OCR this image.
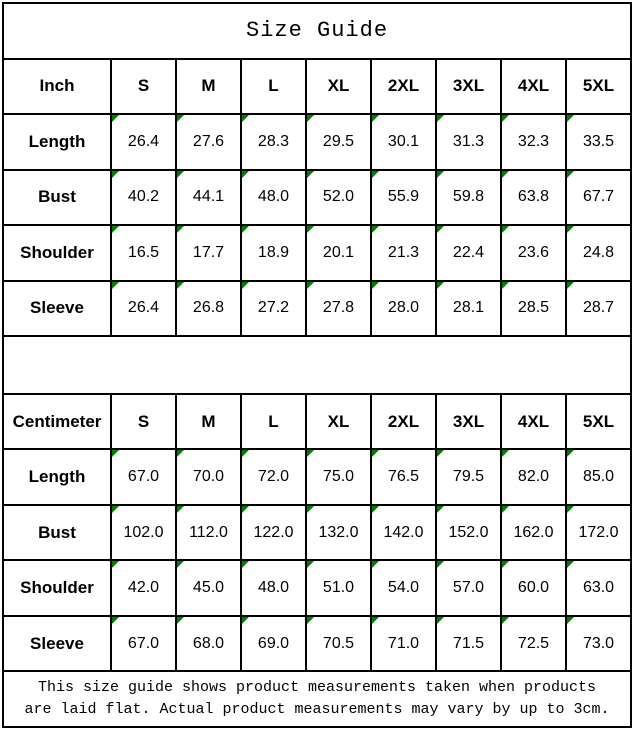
Size Guide								
Inch	S	M	L	XL	2XL	3XL	4XL	5XL
Length	26.4	27.6	28.3	29.5	30.1	31.3	32.3	33.5
Bust	40.2	44.1	48.0	52.0	55.9	59.8	63.8	67.7
Shoulder	16.5	17.7	18.9	20.1	21.3	22.4	23.6	24.8
Sleeve	26.4	26.8	27.2	27.8	28.0	28.1	28.5	28.7

Centimeter	S	M	L	XL	2XL	3XL	4XL	5XL
Length	67.0	70.0	72.0	75.0	76.5	79.5	82.0	85.0
Bust	102.0	112.0	122.0	132.0	142.0	152.0	162.0	172.0
Shoulder	42.0	45.0	48.0	51.0	54.0	57.0	60.0	63.0
Sleeve	67.0	68.0	69.0	70.5	71.0	71.5	72.5	73.0

This size guide shows product measurements taken when products
are laid flat. Actual product measurements may vary by up to 3cm.								
